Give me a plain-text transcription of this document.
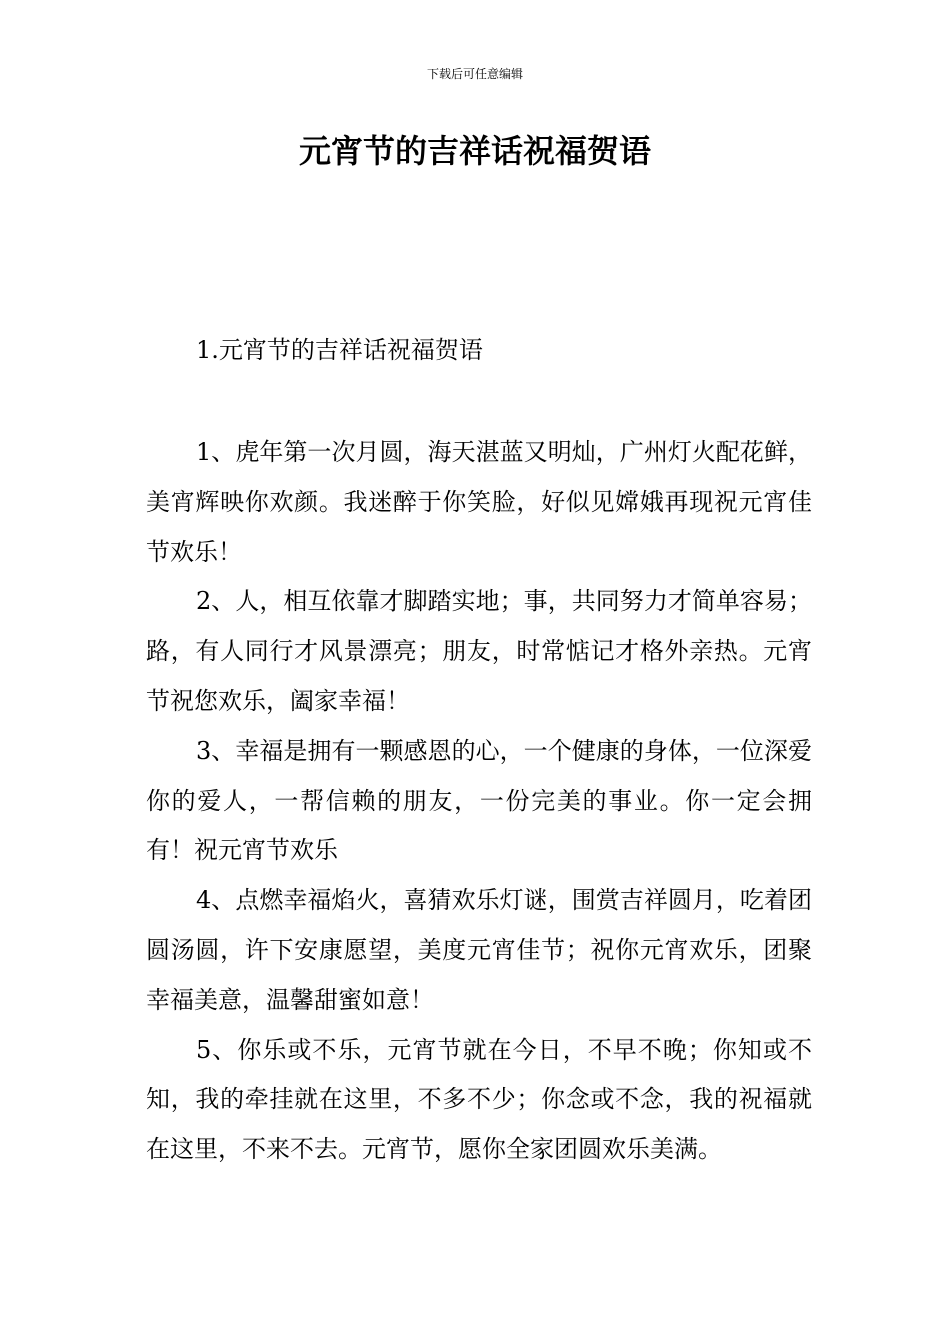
下载后可任意编辑
元宵节的吉祥话祝福贺语
1.元宵节的吉祥话祝福贺语

1、虎年第一次月圆，海天湛蓝又明灿，广州灯火配花鲜，美宵辉映你欢颜。我迷醉于你笑脸，好似见嫦娥再现祝元宵佳节欢乐！

2、人，相互依靠才脚踏实地；事，共同努力才简单容易；路，有人同行才风景漂亮；朋友，时常惦记才格外亲热。元宵节祝您欢乐，阖家幸福！

3、幸福是拥有一颗感恩的心，一个健康的身体，一位深爱你的爱人，一帮信赖的朋友，一份完美的事业。你一定会拥有！祝元宵节欢乐

4、点燃幸福焰火，喜猜欢乐灯谜，围赏吉祥圆月，吃着团圆汤圆，许下安康愿望，美度元宵佳节；祝你元宵欢乐，团聚幸福美意，温馨甜蜜如意！

5、你乐或不乐，元宵节就在今日，不早不晚；你知或不知，我的牵挂就在这里，不多不少；你念或不念，我的祝福就在这里，不来不去。元宵节，愿你全家团圆欢乐美满。
